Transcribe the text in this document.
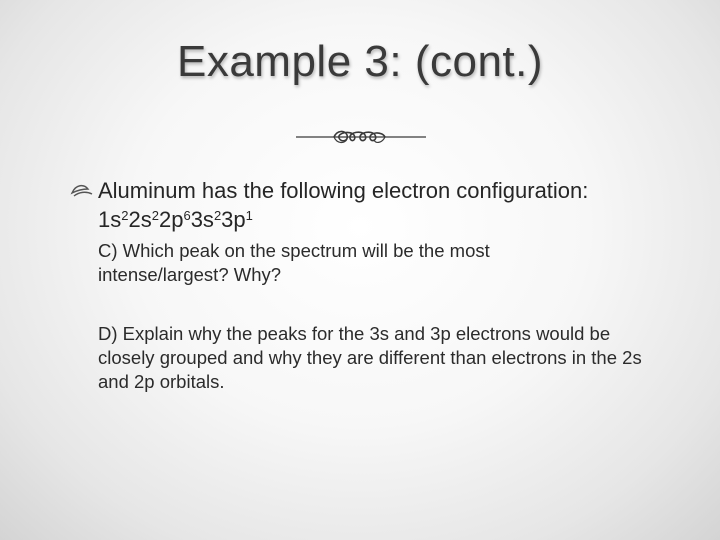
Example 3: (cont.)
Aluminum has the following electron configuration:
$1s^22s^22p^63s^23p^1$
C) Which peak on the spectrum will be the most intense/largest? Why?
D) Explain why the peaks for the 3s and 3p electrons would be closely grouped and why they are different than electrons in the 2s and 2p orbitals.
